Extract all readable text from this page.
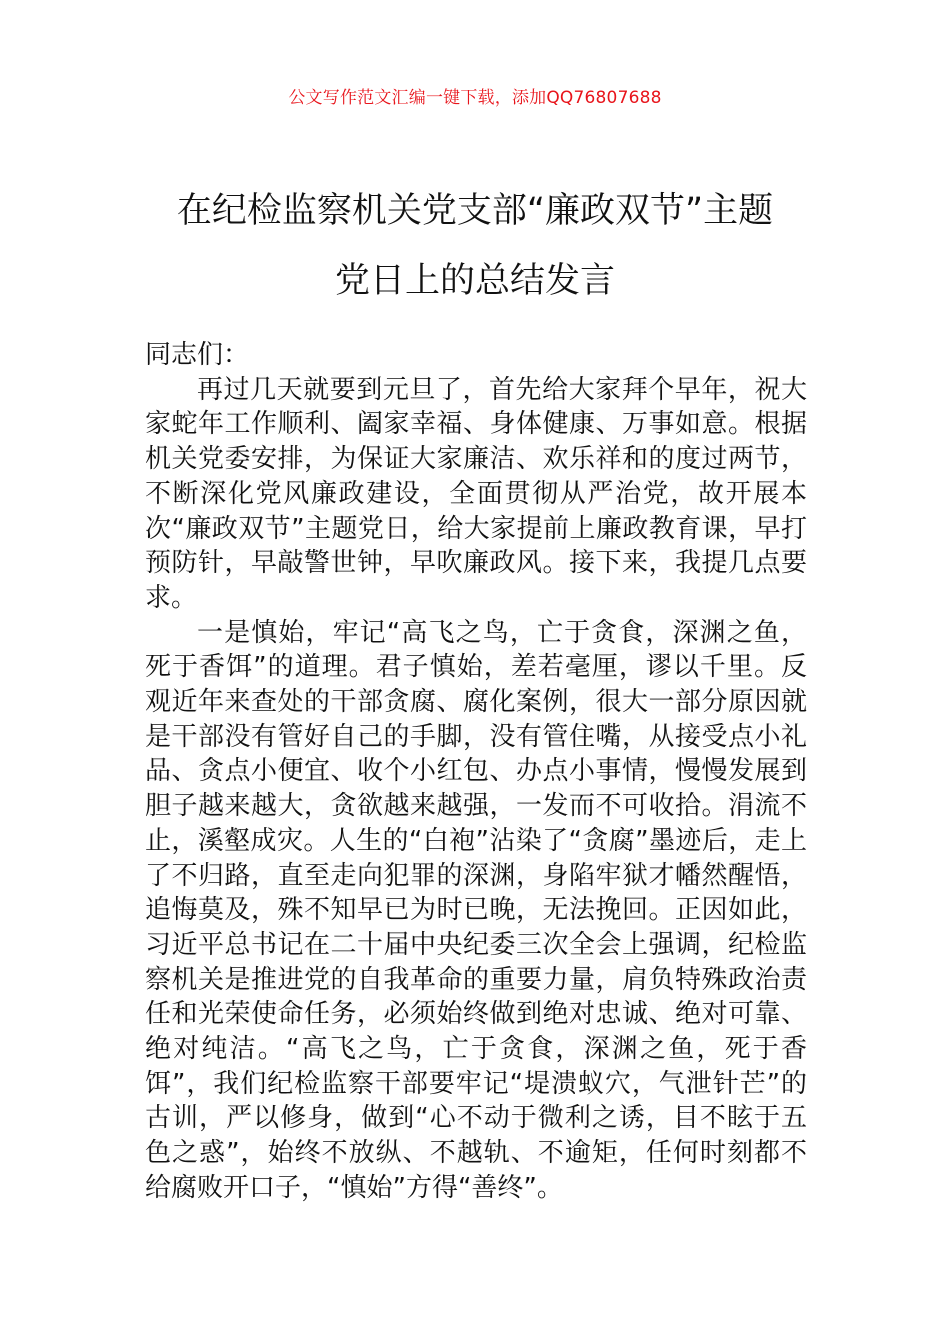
公文写作范文汇编一键下载，添加QQ76807688
在纪检监察机关党支部“廉政双节”主题
党日上的总结发言

同志们：

再过几天就要到元旦了，首先给大家拜个早年，祝大家蛇年工作顺利、阖家幸福、身体健康、万事如意。根据机关党委安排，为保证大家廉洁、欢乐祥和的度过两节，不断深化党风廉政建设，全面贯彻从严治党，故开展本次“廉政双节”主题党日，给大家提前上廉政教育课，早打预防针，早敲警世钟，早吹廉政风。接下来，我提几点要求。

一是慎始，牢记“高飞之鸟，亡于贪食，深渊之鱼，死于香饵”的道理。君子慎始，差若毫厘，谬以千里。反观近年来查处的干部贪腐、腐化案例，很大一部分原因就是干部没有管好自己的手脚，没有管住嘴，从接受点小礼品、贪点小便宜、收个小红包、办点小事情，慢慢发展到胆子越来越大，贪欲越来越强，一发而不可收拾。涓流不止，溪壑成灾。人生的“白袍”沾染了“贪腐”墨迹后，走上了不归路，直至走向犯罪的深渊，身陷牢狱才幡然醒悟，追悔莫及，殊不知早已为时已晚，无法挽回。正因如此，习近平总书记在二十届中央纪委三次全会上强调，纪检监察机关是推进党的自我革命的重要力量，肩负特殊政治责任和光荣使命任务，必须始终做到绝对忠诚、绝对可靠、绝对纯洁。“高飞之鸟，亡于贪食，深渊之鱼，死于香饵”，我们纪检监察干部要牢记“堤溃蚁穴，气泄针芒”的古训，严以修身，做到“心不动于微利之诱，目不眩于五色之惑”，始终不放纵、不越轨、不逾矩，任何时刻都不给腐败开口子，“慎始”方得“善终”。
